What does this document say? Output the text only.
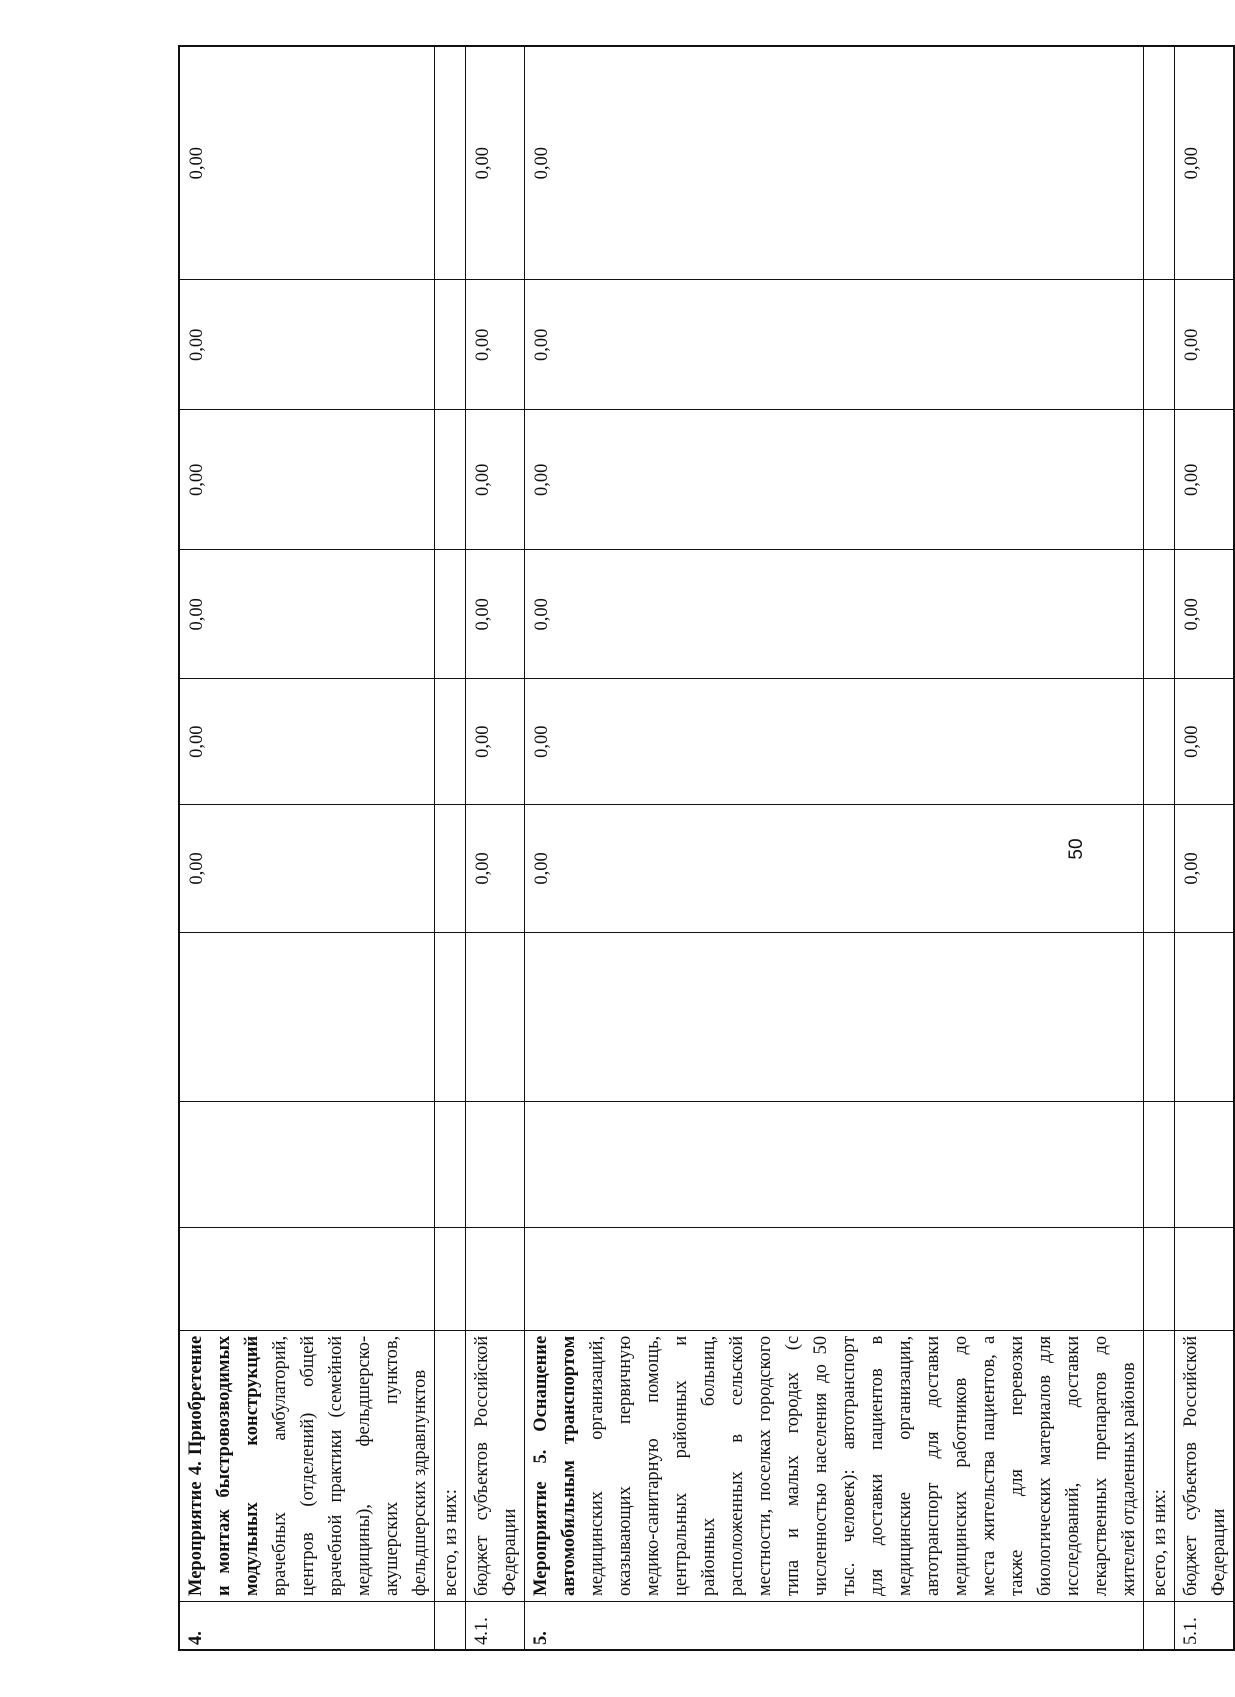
50
4.	Мероприятие 4. Приобретение и монтаж быстровозводимых модульных конструкций врачебных амбулаторий, центров (отделений) общей врачебной практики (семейной медицины), фельдшерско-акушерских пунктов, фельдшерских здравпунктов				0,00	0,00	0,00	0,00	0,00	0,00
	всего, из них:									
4.1.	бюджет субъектов Российской Федерации				0,00	0,00	0,00	0,00	0,00	0,00
5.	Мероприятие 5. Оснащение автомобильным транспортом медицинских организаций, оказывающих первичную медико-санитарную помощь, центральных районных и районных больниц, расположенных в сельской местности, поселках городского типа и малых городах (с численностью населения до 50 тыс. человек): автотранспорт для доставки пациентов в медицинские организации, автотранспорт для доставки медицинских работников до места жительства пациентов, а также для перевозки биологических материалов для исследований, доставки лекарственных препаратов до жителей отдаленных районов				0,00	0,00	0,00	0,00	0,00	0,00
	всего, из них:									
5.1.	бюджет субъектов Российской Федерации				0,00	0,00	0,00	0,00	0,00	0,00
